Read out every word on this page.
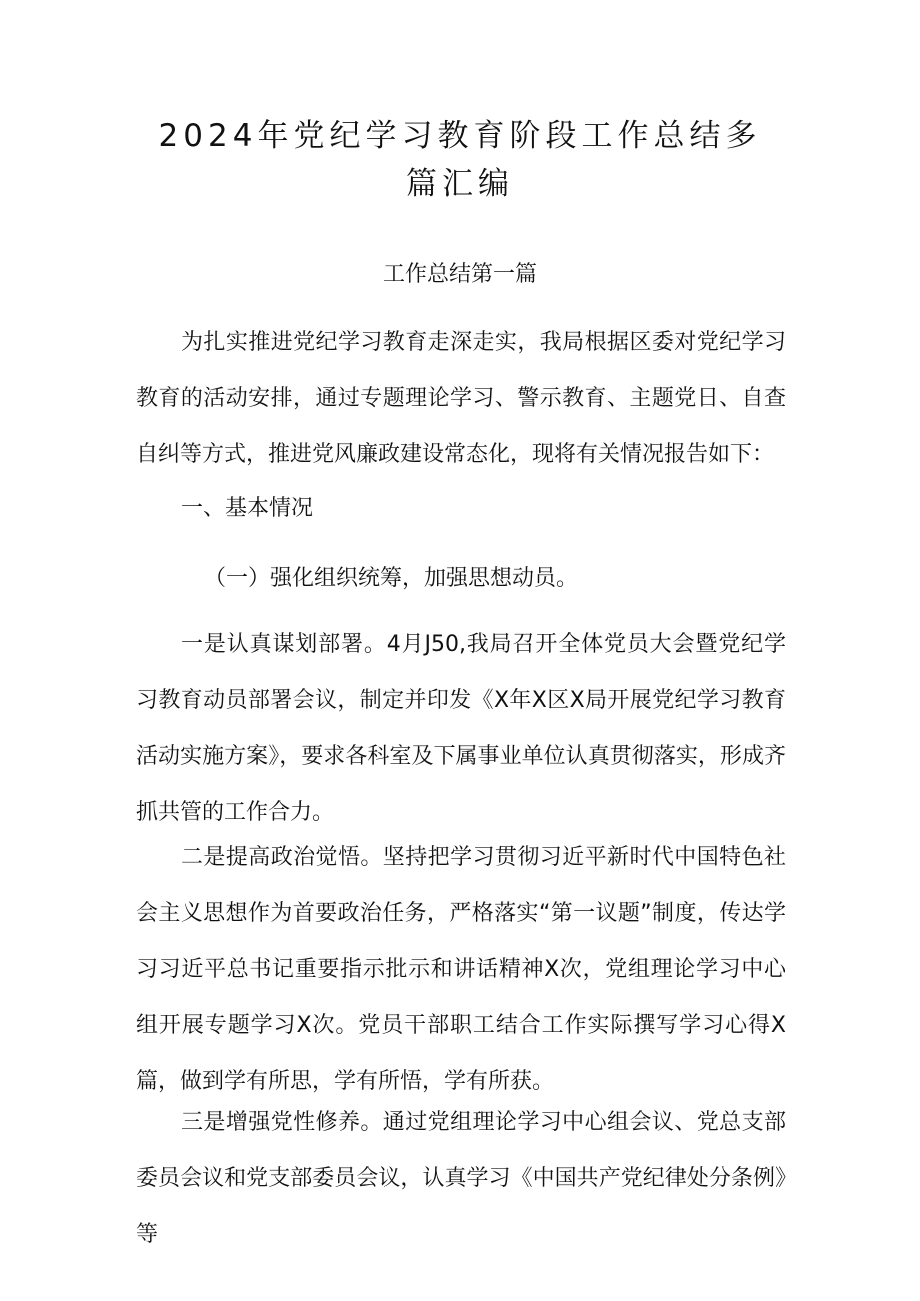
2024年党纪学习教育阶段工作总结多篇汇编
工作总结第一篇

为扎实推进党纪学习教育走深走实，我局根据区委对党纪学习教育的活动安排，通过专题理论学习、警示教育、主题党日、自查自纠等方式，推进党风廉政建设常态化，现将有关情况报告如下：

一、基本情况

（一）强化组织统筹，加强思想动员。

一是认真谋划部署。4月J50,我局召开全体党员大会暨党纪学习教育动员部署会议，制定并印发《X年X区X局开展党纪学习教育活动实施方案》，要求各科室及下属事业单位认真贯彻落实，形成齐抓共管的工作合力。

二是提高政治觉悟。坚持把学习贯彻习近平新时代中国特色社会主义思想作为首要政治任务，严格落实“第一议题”制度，传达学习习近平总书记重要指示批示和讲话精神X次，党组理论学习中心组开展专题学习X次。党员干部职工结合工作实际撰写学习心得X篇，做到学有所思，学有所悟，学有所获。

三是增强党性修养。通过党组理论学习中心组会议、党总支部委员会议和党支部委员会议，认真学习《中国共产党纪律处分条例》等
